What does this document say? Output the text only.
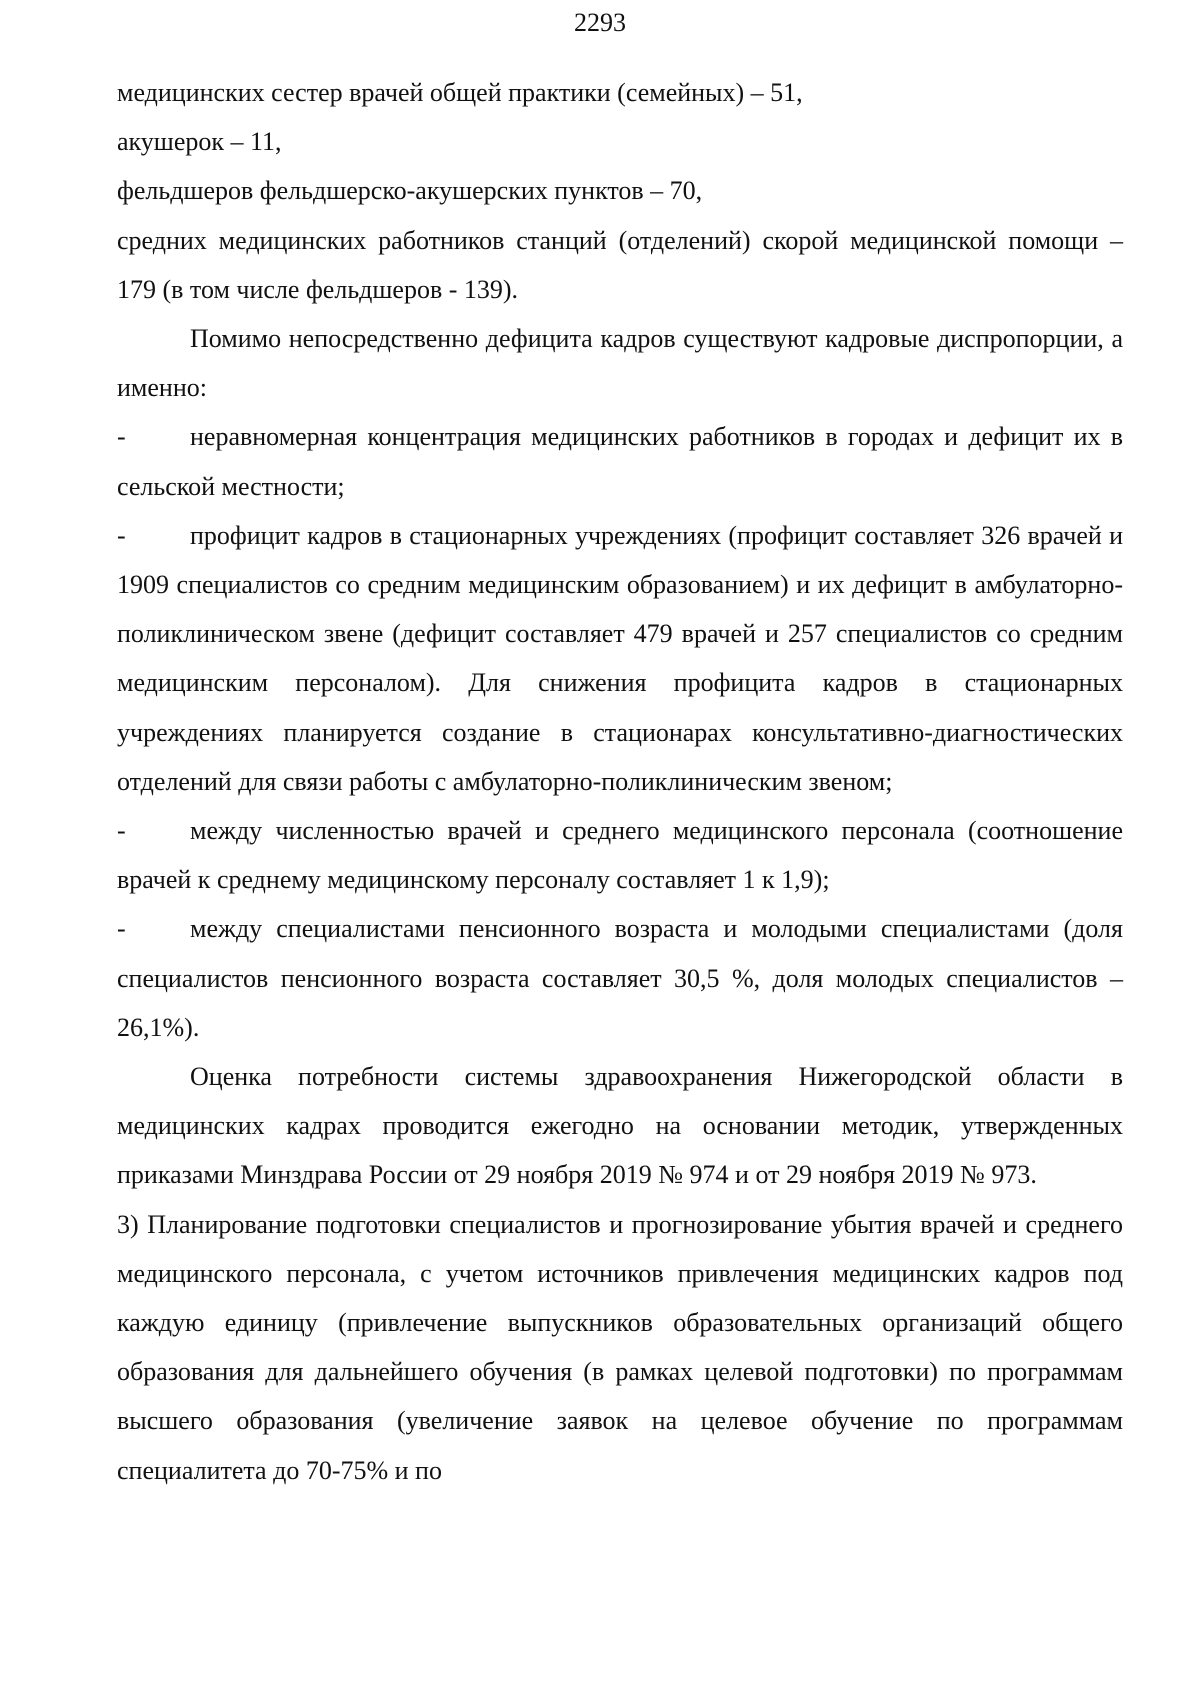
2293

медицинских сестер врачей общей практики (семейных) – 51,

акушерок – 11,

фельдшеров фельдшерско-акушерских пунктов – 70,

средних медицинских работников станций (отделений) скорой медицинской помощи – 179 (в том числе фельдшеров - 139).

Помимо непосредственно дефицита кадров существуют кадровые диспропорции, а именно:

- неравномерная концентрация медицинских работников в городах и дефицит их в сельской местности;

- профицит кадров в стационарных учреждениях (профицит составляет 326 врачей и 1909 специалистов со средним медицинским образованием) и их дефицит в амбулаторно-поликлиническом звене (дефицит составляет 479 врачей и 257 специалистов со средним медицинским персоналом). Для снижения профицита кадров в стационарных учреждениях планируется создание в стационарах консультативно-диагностических отделений для связи работы с амбулаторно-поликлиническим звеном;

- между численностью врачей и среднего медицинского персонала (соотношение врачей к среднему медицинскому персоналу составляет 1 к 1,9);

- между специалистами пенсионного возраста и молодыми специалистами (доля специалистов пенсионного возраста составляет 30,5 %, доля молодых специалистов – 26,1%).

Оценка потребности системы здравоохранения Нижегородской области в медицинских кадрах проводится ежегодно на основании методик, утвержденных приказами Минздрава России от 29 ноября 2019 № 974 и от 29 ноября 2019 № 973.

3) Планирование подготовки специалистов и прогнозирование убытия врачей и среднего медицинского персонала, с учетом источников привлечения медицинских кадров под каждую единицу (привлечение выпускников образовательных организаций общего образования для дальнейшего обучения (в рамках целевой подготовки) по программам высшего образования (увеличение заявок на целевое обучение по программам специалитета до 70-75% и по
